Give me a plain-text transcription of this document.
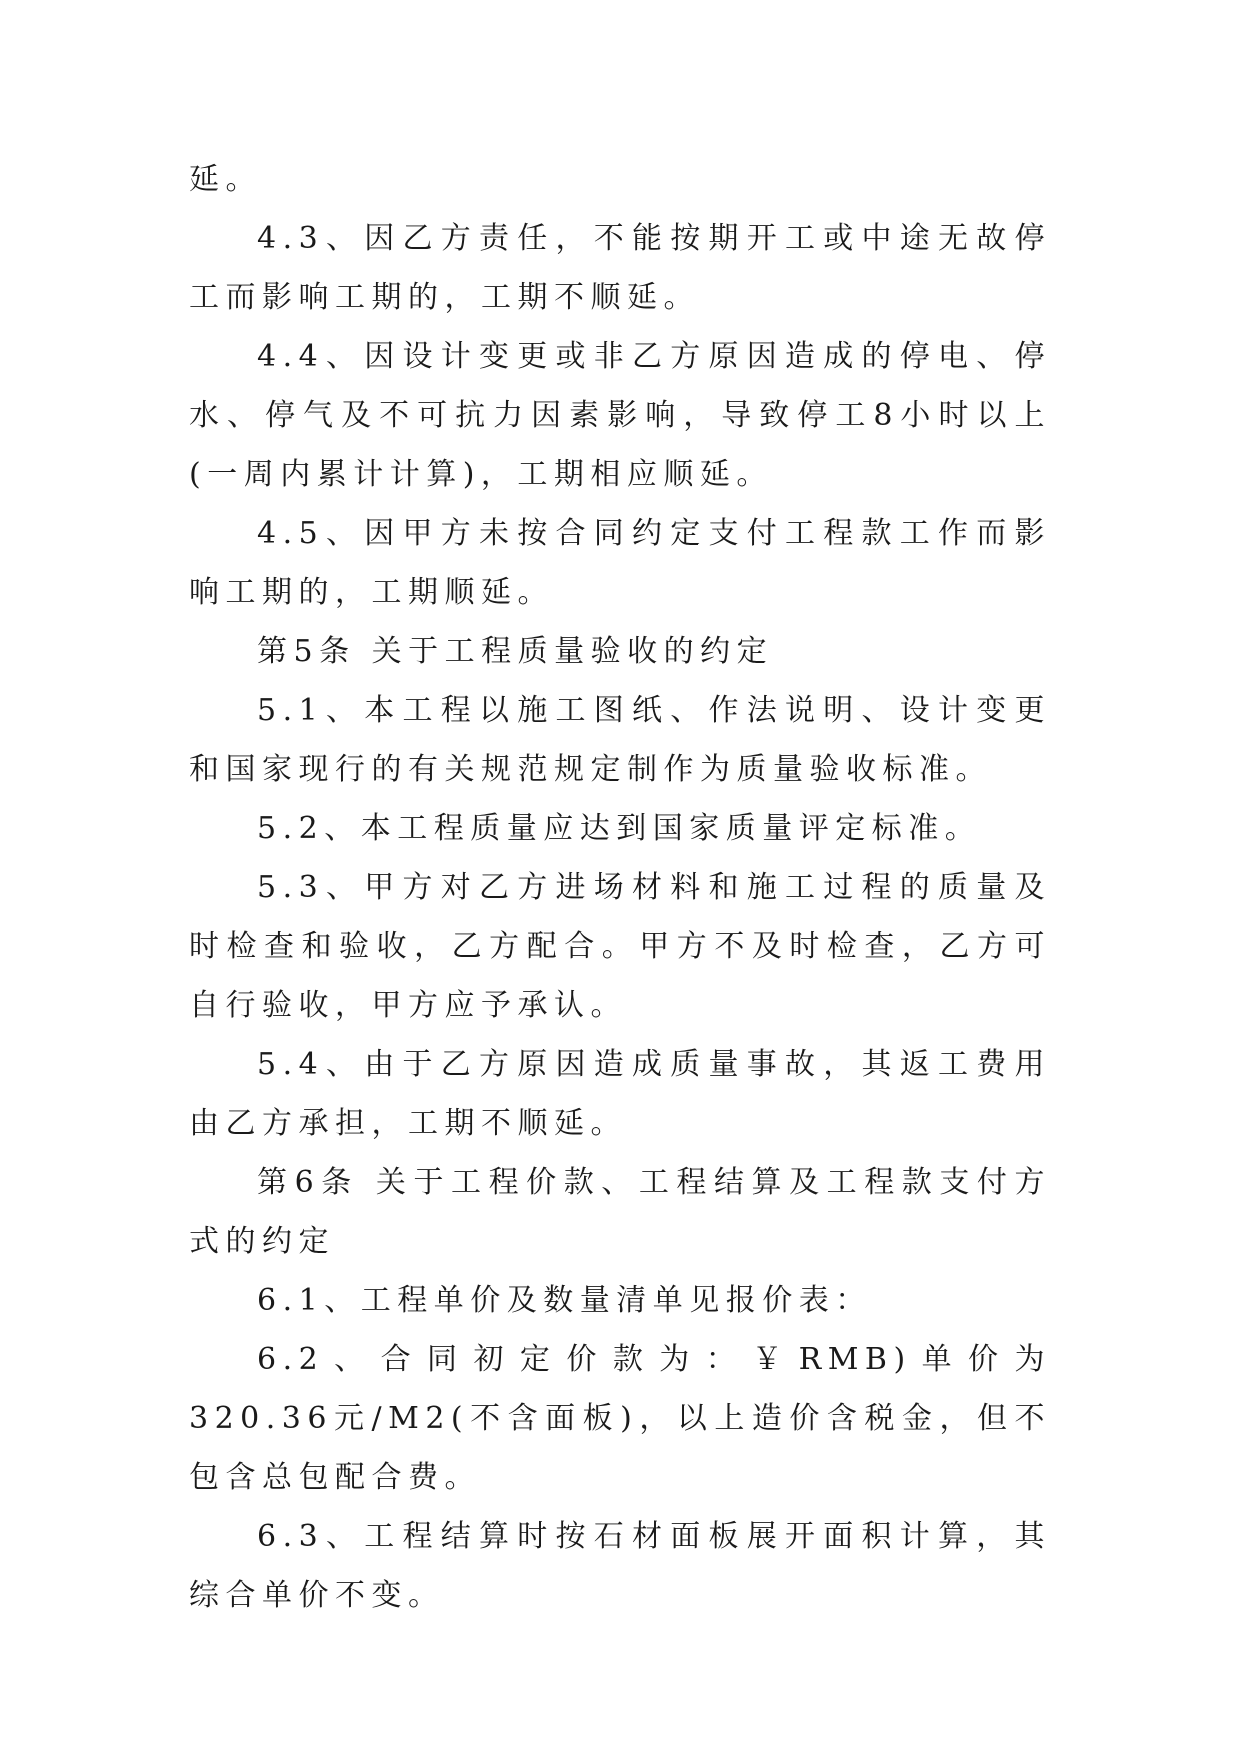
延。

4.3、因乙方责任，不能按期开工或中途无故停工而影响工期的，工期不顺延。

4.4、因设计变更或非乙方原因造成的停电、停水、停气及不可抗力因素影响，导致停工8小时以上(一周内累计计算)，工期相应顺延。

4.5、因甲方未按合同约定支付工程款工作而影响工期的，工期顺延。

第5条 关于工程质量验收的约定

5.1、本工程以施工图纸、作法说明、设计变更和国家现行的有关规范规定制作为质量验收标准。

5.2、本工程质量应达到国家质量评定标准。

5.3、甲方对乙方进场材料和施工过程的质量及时检查和验收，乙方配合。甲方不及时检查，乙方可自行验收，甲方应予承认。

5.4、由于乙方原因造成质量事故，其返工费用由乙方承担，工期不顺延。

第6条 关于工程价款、工程结算及工程款支付方式的约定

6.1、工程单价及数量清单见报价表：

6.2、合同初定价款为：￥RMB)单价为320.36元/M2(不含面板)，以上造价含税金，但不包含总包配合费。

6.3、工程结算时按石材面板展开面积计算，其综合单价不变。
